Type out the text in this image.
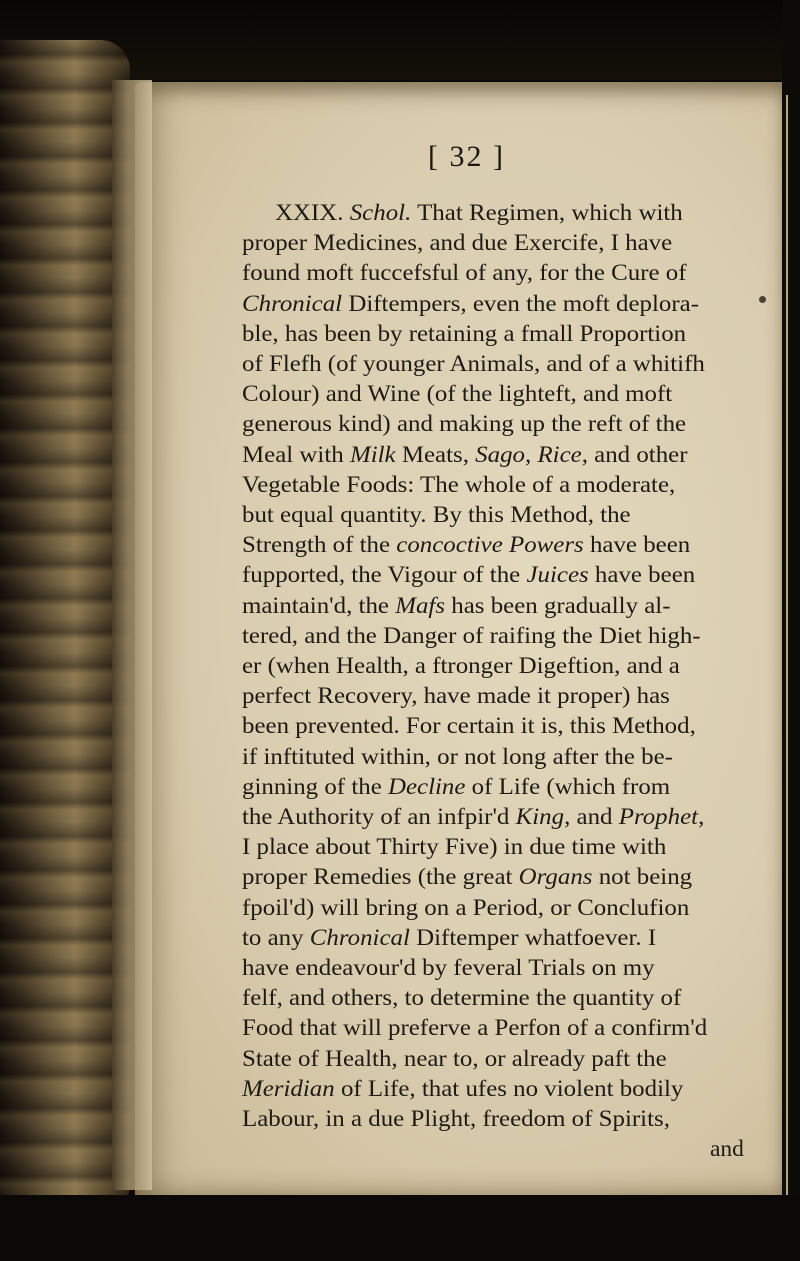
[ 32 ]
XXIX. Schol. That Regimen, which with
proper Medicines, and due Exercife, I have
found moft fuccefsful of any, for the Cure of
Chronical Diftempers, even the moft deplora-
ble, has been by retaining a fmall Proportion
of Flefh (of younger Animals, and of a whitifh
Colour) and Wine (of the lighteft, and moft
generous kind) and making up the reft of the
Meal with Milk Meats, Sago, Rice, and other
Vegetable Foods: The whole of a moderate,
but equal quantity. By this Method, the
Strength of the concoctive Powers have been
fupported, the Vigour of the Juices have been
maintain'd, the Mafs has been gradually al-
tered, and the Danger of raifing the Diet high-
er (when Health, a ftronger Digeftion, and a
perfect Recovery, have made it proper) has
been prevented. For certain it is, this Method,
if inftituted within, or not long after the be-
ginning of the Decline of Life (which from
the Authority of an infpir'd King, and Prophet,
I place about Thirty Five) in due time with
proper Remedies (the great Organs not being
fpoil'd) will bring on a Period, or Conclufion
to any Chronical Diftemper whatfoever. I
have endeavour'd by feveral Trials on my
felf, and others, to determine the quantity of
Food that will preferve a Perfon of a confirm'd
State of Health, near to, or already paft the
Meridian of Life, that ufes no violent bodily
Labour, in a due Plight, freedom of Spirits,
and
